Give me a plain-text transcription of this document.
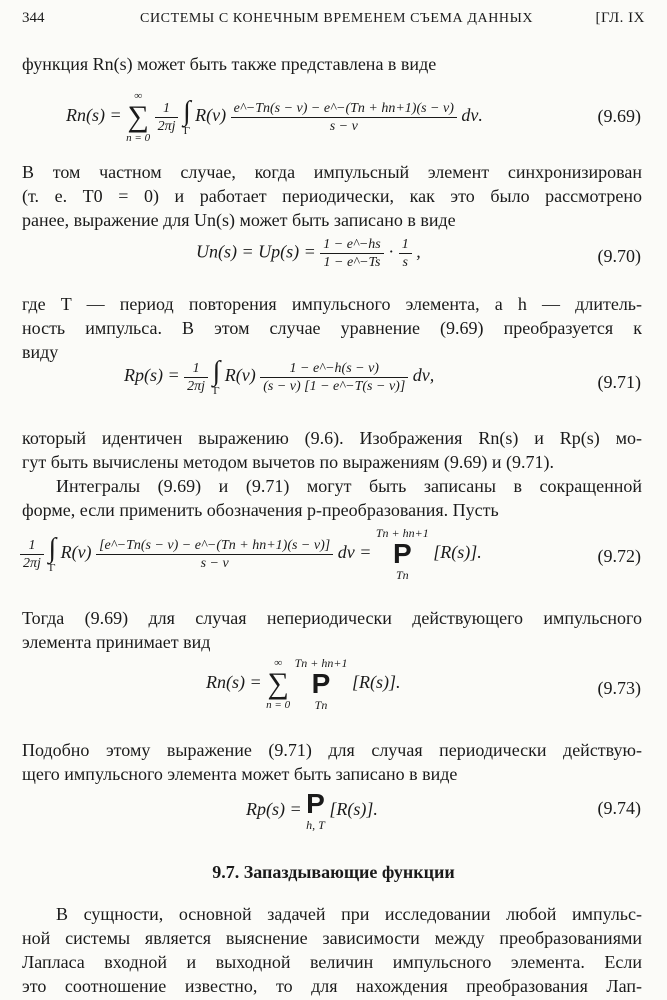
344	СИСТЕМЫ С КОНЕЧНЫМ ВРЕМЕНЕМ СЪЕМА ДАННЫХ	[ГЛ. IX
функция Rn(s) может быть также представлена в виде
Rn(s) =
∞
∑
n = 0

$\frac{1}{2\pi j}$
∫
Γ
$R(\nu) \frac{e\^{}-Tn(s - \nu) - e\^{}-(Tn + hn+1)(s - \nu)}{s - \nu} d\nu$.	(9.69)
В том частном случае, когда импульсный элемент синхронизирован
(т. е. T0 = 0) и работает периодически, как это было рассмотрено
ранее, выражение для Un(s) может быть записано в виде
$Un(s) = Up(s) = \frac{1 - e\^{}-hs}{1 - e\^{}-Ts} \cdot \frac{1}{s}$ ,	(9.70)
где T — период повторения импульсного элемента, а h — длитель-
ность импульса. В этом случае уравнение (9.69) преобразуется к
виду
$Rp(s) = \frac{1}{2\pi j}$
∫
Γ
$R(\nu) \frac{1 - e\^{}-h(s - \nu)}{(s - \nu) [1 - e\^{}-T(s - \nu)]} d\nu$,	(9.71)
который идентичен выражению (9.6). Изображения Rn(s) и Rp(s) мо-
гут быть вычислены методом вычетов по выражениям (9.69) и (9.71).
Интегралы (9.69) и (9.71) могут быть записаны в сокращенной
форме, если применить обозначения p-преобразования. Пусть
$\frac{1}{2\pi j}$
∫
Γ
$R(\nu) \frac{[e\^{}-Tn(s - \nu) - e\^{}-(Tn + hn+1)(s - \nu)]}{s - \nu}$ dν =
Tn + hn+1
P
Tn
[R(s)].	(9.72)
Тогда (9.69) для случая непериодически действующего импульсного
элемента принимает вид
Rn(s) =
∞
∑
n = 0

Tn + hn+1
P
Tn
[R(s)].	(9.73)
Подобно этому выражение (9.71) для случая периодически действую-
щего импульсного элемента может быть записано в виде
Rp(s) = P
h, T
[R(s)].	(9.74)
9.7. Запаздывающие функции
В сущности, основной задачей при исследовании любой импульс-
ной системы является выяснение зависимости между преобразованиями
Лапласа входной и выходной величин импульсного элемента. Если
это соотношение известно, то для нахождения преобразования Лап-
